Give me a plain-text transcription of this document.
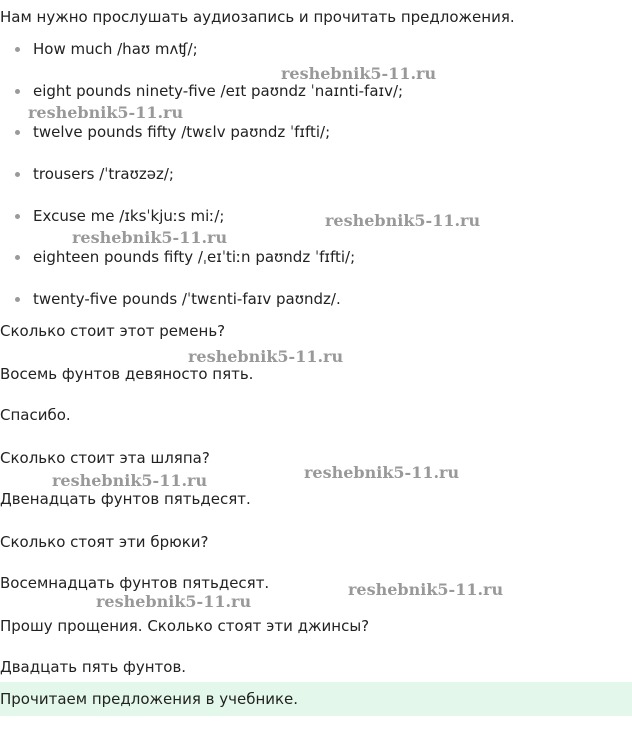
Нам нужно прослушать аудиозапись и прочитать предложения.

How much /haʊ mʌʧ/;
eight pounds ninety-five /eɪt paʊndz ˈnaɪnti-faɪv/;
twelve pounds fifty /twɛlv paʊndz ˈfɪfti/;
trousers /ˈtraʊzəz/;
Excuse me /ɪksˈkjuːs miː/;
eighteen pounds fifty /ˌeɪˈtiːn paʊndz ˈfɪfti/;
twenty-five pounds /ˈtwɛnti-faɪv paʊndz/.

Сколько стоит этот ремень?

Восемь фунтов девяносто пять.

Спасибо.

Сколько стоит эта шляпа?

Двенадцать фунтов пятьдесят.

Сколько стоят эти брюки?

Восемнадцать фунтов пятьдесят.

Прошу прощения. Сколько стоят эти джинсы?

Двадцать пять фунтов.

Прочитаем предложения в учебнике.
reshebnik5-11.ru
reshebnik5-11.ru
reshebnik5-11.ru
reshebnik5-11.ru
reshebnik5-11.ru
reshebnik5-11.ru
reshebnik5-11.ru
reshebnik5-11.ru
reshebnik5-11.ru
